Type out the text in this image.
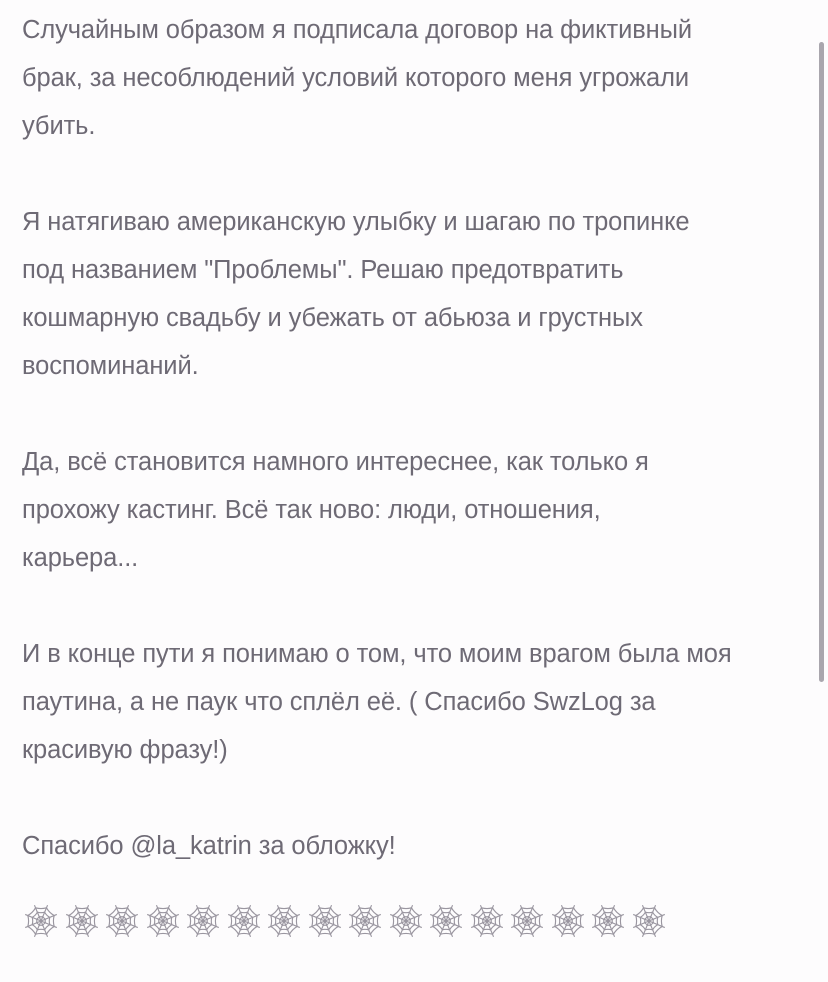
Случайным образом я подписала договор на фиктивный
брак, за несоблюдений условий которого меня угрожали
убить.

Я натягиваю американскую улыбку и шагаю по тропинке
под названием "Проблемы". Решаю предотвратить
кошмарную свадьбу и убежать от абьюза и грустных
воспоминаний.

Да, всё становится намного интереснее, как только я
прохожу кастинг. Всё так ново: люди, отношения,
карьера...

И в конце пути я понимаю о том, что моим врагом была моя
паутина, а не паук что сплёл её. ( Спасибо SwzLog за
красивую фразу!)

Спасибо @la_katrin за обложку!
